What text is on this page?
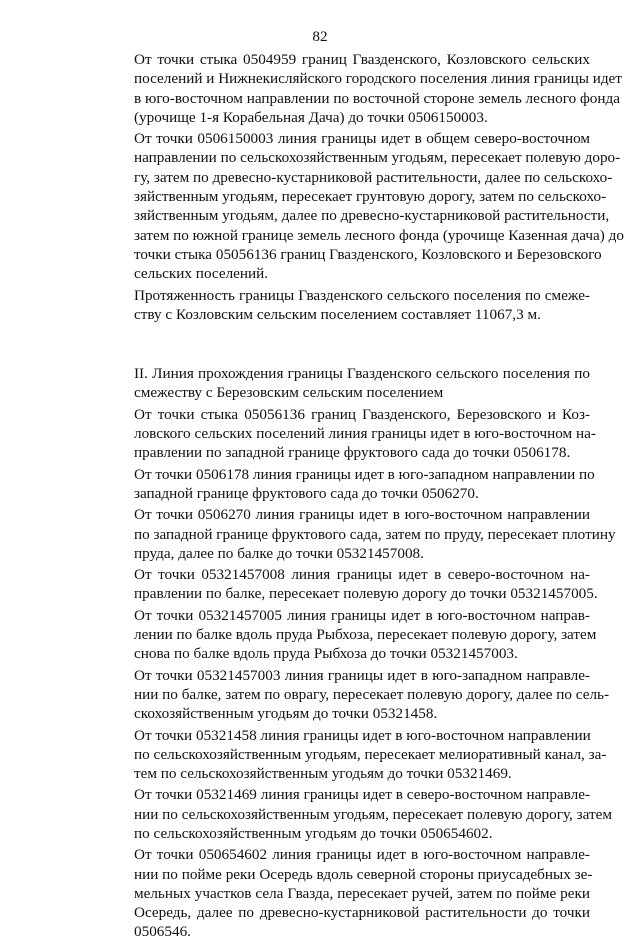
82
От точки стыка 0504959 границ Гвазденского, Козловского сельских
поселений и Нижнекисляйского городского поселения линия границы идет
в юго-восточном направлении по восточной стороне земель лесного фонда
(урочище 1-я Корабельная Дача) до точки 0506150003.
От точки 0506150003 линия границы идет в общем северо-восточном
направлении по сельскохозяйственным угодьям, пересекает полевую доро-
гу, затем по древесно-кустарниковой растительности, далее по сельскохо-
зяйственным угодьям, пересекает грунтовую дорогу, затем по сельскохо-
зяйственным угодьям, далее по древесно-кустарниковой растительности,
затем по южной границе земель лесного фонда (урочище Казенная дача) до
точки стыка 05056136 границ Гвазденского, Козловского и Березовского
сельских поселений.
Протяженность границы Гвазденского сельского поселения по смеже-
ству с Козловским сельским поселением составляет 11067,3 м.
II. Линия прохождения границы Гвазденского сельского поселения по
смежеству с Березовским сельским поселением
От точки стыка 05056136 границ Гвазденского, Березовского и Коз-
ловского сельских поселений линия границы идет в юго-восточном на-
правлении по западной границе фруктового сада до точки 0506178.
От точки 0506178 линия границы идет в юго-западном направлении по
западной границе фруктового сада до точки 0506270.
От точки 0506270 линия границы идет в юго-восточном направлении
по западной границе фруктового сада, затем по пруду, пересекает плотину
пруда, далее по балке до точки 05321457008.
От точки 05321457008 линия границы идет в северо-восточном на-
правлении по балке, пересекает полевую дорогу до точки 05321457005.
От точки 05321457005 линия границы идет в юго-восточном направ-
лении по балке вдоль пруда Рыбхоза, пересекает полевую дорогу, затем
снова по балке вдоль пруда Рыбхоза до точки 05321457003.
От точки 05321457003 линия границы идет в юго-западном направле-
нии по балке, затем по оврагу, пересекает полевую дорогу, далее по сель-
скохозяйственным угодьям до точки 05321458.
От точки 05321458 линия границы идет в юго-восточном направлении
по сельскохозяйственным угодьям, пересекает мелиоративный канал, за-
тем по сельскохозяйственным угодьям до точки 05321469.
От точки 05321469 линия границы идет в северо-восточном направле-
нии по сельскохозяйственным угодьям, пересекает полевую дорогу, затем
по сельскохозяйственным угодьям до точки 050654602.
От точки 050654602 линия границы идет в юго-восточном направле-
нии по пойме реки Осередь вдоль северной стороны приусадебных зе-
мельных участков села Гвазда, пересекает ручей, затем по пойме реки
Осередь, далее по древесно-кустарниковой растительности до точки
0506546.
